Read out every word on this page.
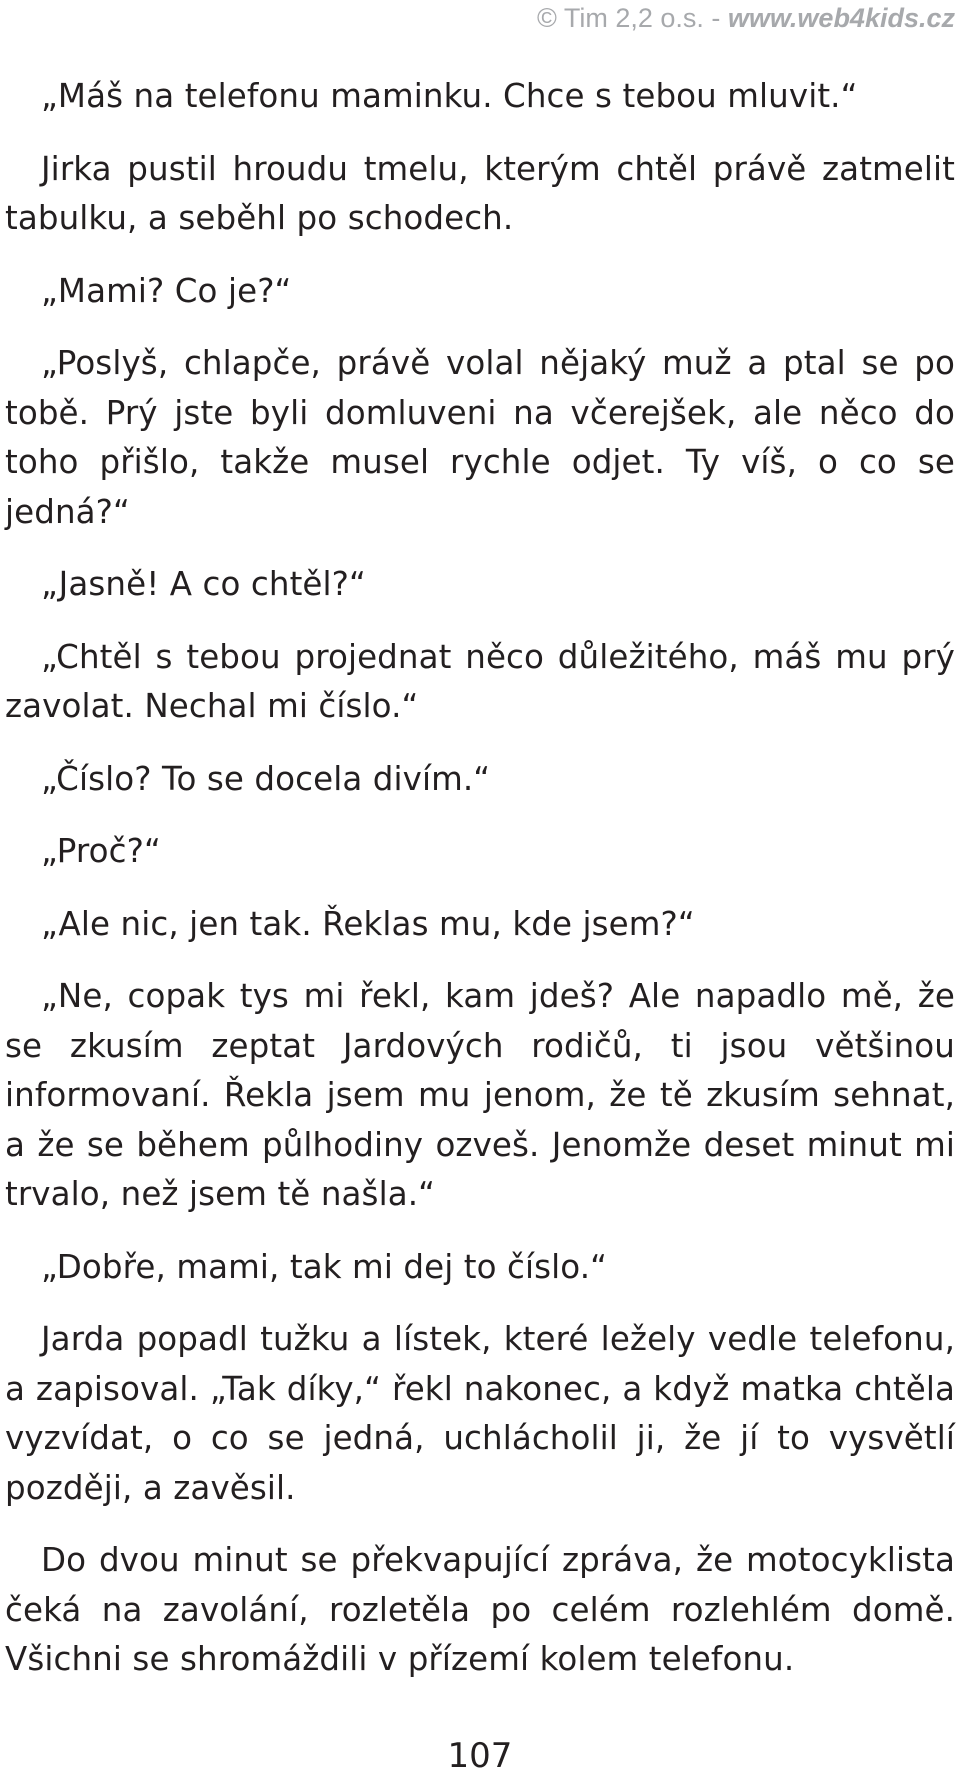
© Tim 2,2 o.s. - www.web4kids.cz

„Máš na telefonu maminku. Chce s tebou mluvit.“

Jirka pustil hroudu tmelu, kterým chtěl právě zatmelit tabulku, a seběhl po schodech.

„Mami? Co je?“

„Poslyš, chlapče, právě volal nějaký muž a ptal se po tobě. Prý jste byli domluveni na včerejšek, ale něco do toho přišlo, takže musel rychle odjet. Ty víš, o co se jedná?“

„Jasně! A co chtěl?“

„Chtěl s tebou projednat něco důležitého, máš mu prý zavolat. Nechal mi číslo.“

„Číslo? To se docela divím.“

„Proč?“

„Ale nic, jen tak. Řeklas mu, kde jsem?“

„Ne, copak tys mi řekl, kam jdeš? Ale napadlo mě, že se zkusím zeptat Jardových rodičů, ti jsou většinou informovaní. Řekla jsem mu jenom, že tě zkusím sehnat, a že se během půlhodiny ozveš. Jenomže deset minut mi trvalo, než jsem tě našla.“

„Dobře, mami, tak mi dej to číslo.“

Jarda popadl tužku a lístek, které ležely vedle telefonu, a zapisoval. „Tak díky,“ řekl nakonec, a když matka chtěla vyzvídat, o co se jedná, uchlácholil ji, že jí to vysvětlí později, a zavěsil.

Do dvou minut se překvapující zpráva, že motocyklista čeká na zavolání, rozletěla po celém rozlehlém domě. Všichni se shromáždili v přízemí kolem telefonu.

107
